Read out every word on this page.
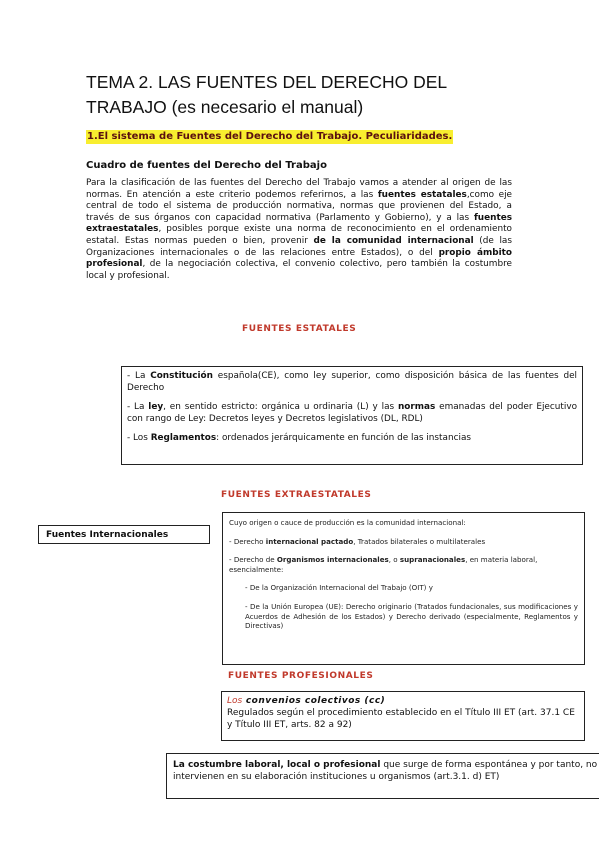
TEMA 2. LAS FUENTES DEL DERECHO DEL TRABAJO (es necesario el manual)
1.El sistema de Fuentes del Derecho del Trabajo. Peculiaridades.
Cuadro de fuentes del Derecho del Trabajo
Para la clasificación de las fuentes del Derecho del Trabajo vamos a atender al origen de las normas. En atención a este criterio podemos referirnos, a las fuentes estatales,como eje central de todo el sistema de producción normativa, normas que provienen del Estado, a través de sus órganos con capacidad normativa (Parlamento y Gobierno), y a las fuentes extraestatales, posibles porque existe una norma de reconocimiento en el ordenamiento estatal. Estas normas pueden o bien, provenir de la comunidad internacional (de las Organizaciones internacionales o de las relaciones entre Estados), o del propio ámbito profesional, de la negociación colectiva, el convenio colectivo, pero también la costumbre local y profesional.
FUENTES ESTATALES
- La Constitución española(CE), como ley superior, como disposición básica de las fuentes del Derecho
- La ley, en sentido estricto: orgánica u ordinaria (L) y las normas emanadas del poder Ejecutivo con rango de Ley: Decretos leyes y Decretos legislativos (DL, RDL)
- Los Reglamentos: ordenados jerárquicamente en función de las instancias
FUENTES EXTRAESTATALES
Fuentes Internacionales
Cuyo origen o cauce de producción es la comunidad internacional:
- Derecho internacional pactado, Tratados bilaterales o multilaterales
- Derecho de Organismos internacionales, o supranacionales, en materia laboral, esencialmente:
- De la Organización Internacional del Trabajo (OIT) y
- De la Unión Europea (UE): Derecho originario (Tratados fundacionales, sus modificaciones y Acuerdos de Adhesión de los Estados) y Derecho derivado (especialmente, Reglamentos y Directivas)
FUENTES PROFESIONALES
Los convenios colectivos (cc)
Regulados según el procedimiento establecido en el Título III ET (art. 37.1 CE y Título III ET, arts. 82 a 92)
La costumbre laboral, local o profesional que surge de forma espontánea y por tanto, no intervienen en su elaboración instituciones u organismos (art.3.1. d) ET)
